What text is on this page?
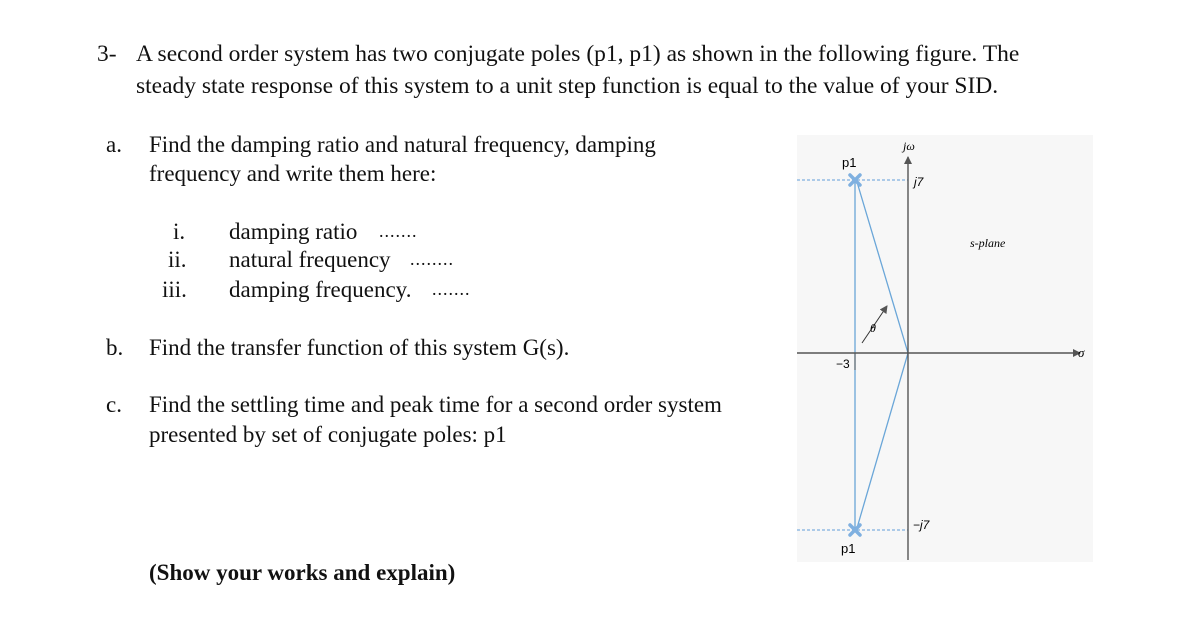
3- A second order system has two conjugate poles (p1, p1) as shown in the following figure. The
steady state response of this system to a unit step function is equal to the value of your SID.
a. Find the damping ratio and natural frequency, damping
frequency and write them here:
i. damping ratio .......
ii. natural frequency ........
iii. damping frequency. .......
b. Find the transfer function of this system G(s).
c. Find the settling time and peak time for a second order system
presented by set of conjugate poles: p1
(Show your works and explain)
jω
σ
s-plane
p1
p1
j7
−j7
−3
θ
